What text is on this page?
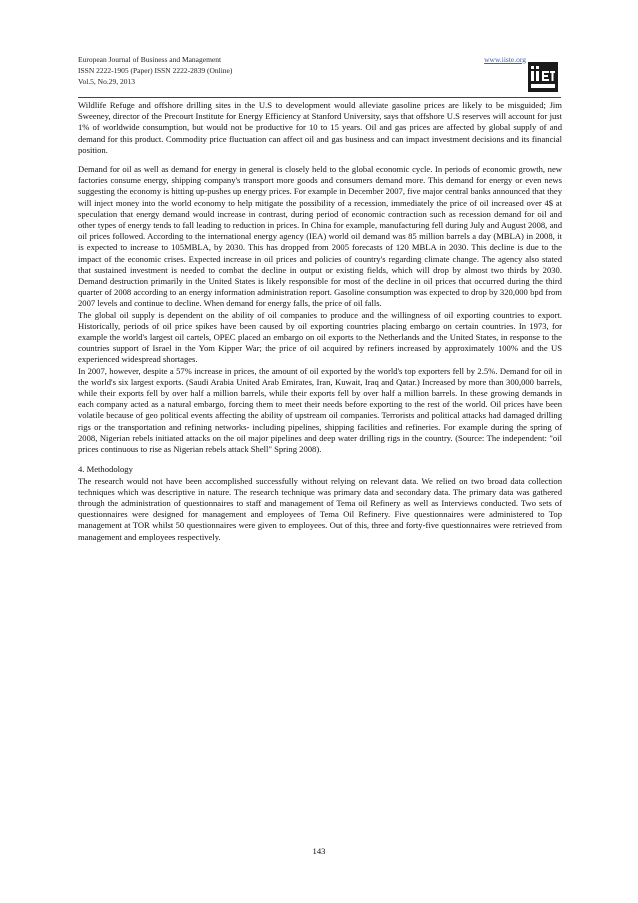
European Journal of Business and Management
ISSN 2222-1905 (Paper) ISSN 2222-2839 (Online)
Vol.5, No.29, 2013
www.iiste.org

Wildlife Refuge and offshore drilling sites in the U.S to development would alleviate gasoline prices are likely to be misguided; Jim Sweeney, director of the Precourt Institute for Energy Efficiency at Stanford University, says that offshore U.S reserves will account for just 1% of worldwide consumption, but would not be productive for 10 to 15 years. Oil and gas prices are affected by global supply of and demand for this product. Commodity price fluctuation can affect oil and gas business and can impact investment decisions and its financial position.

Demand for oil as well as demand for energy in general is closely held to the global economic cycle. In periods of economic growth, new factories consume energy, shipping company's transport more goods and consumers demand more. This demand for energy or even news suggesting the economy is hitting up-pushes up energy prices. For example in December 2007, five major central banks announced that they will inject money into the world economy to help mitigate the possibility of a recession, immediately the price of oil increased over 4$ at speculation that energy demand would increase in contrast, during period of economic contraction such as recession demand for oil and other types of energy tends to fall leading to reduction in prices. In China for example, manufacturing fell during July and August 2008, and oil prices followed. According to the international energy agency (IEA) world oil demand was 85 million barrels a day (MBLA) in 2008, it is expected to increase to 105MBLA, by 2030. This has dropped from 2005 forecasts of 120 MBLA in 2030. This decline is due to the impact of the economic crises. Expected increase in oil prices and policies of country's regarding climate change. The agency also stated that sustained investment is needed to combat the decline in output or existing fields, which will drop by almost two thirds by 2030. Demand destruction primarily in the United States is likely responsible for most of the decline in oil prices that occurred during the third quarter of 2008 according to an energy information administration report. Gasoline consumption was expected to drop by 320,000 bpd from 2007 levels and continue to decline. When demand for energy falls, the price of oil falls.

The global oil supply is dependent on the ability of oil companies to produce and the willingness of oil exporting countries to export. Historically, periods of oil price spikes have been caused by oil exporting countries placing embargo on certain countries. In 1973, for example the world's largest oil cartels, OPEC placed an embargo on oil exports to the Netherlands and the United States, in response to the countries support of Israel in the Yom Kipper War; the price of oil acquired by refiners increased by approximately 100% and the US experienced widespread shortages.

In 2007, however, despite a 57% increase in prices, the amount of oil exported by the world's top exporters fell by 2.5%. Demand for oil in the world's six largest exports. (Saudi Arabia United Arab Emirates, Iran, Kuwait, Iraq and Qatar.) Increased by more than 300,000 barrels, while their exports fell by over half a million barrels, while their exports fell by over half a million barrels. In these growing demands in each company acted as a natural embargo, forcing them to meet their needs before exporting to the rest of the world. Oil prices have been volatile because of geo political events affecting the ability of upstream oil companies. Terrorists and political attacks had damaged drilling rigs or the transportation and refining networks- including pipelines, shipping facilities and refineries. For example during the spring of 2008, Nigerian rebels initiated attacks on the oil major pipelines and deep water drilling rigs in the country. (Source: The independent: "oil prices continuous to rise as Nigerian rebels attack Shell" Spring 2008).

4. Methodology

The research would not have been accomplished successfully without relying on relevant data. We relied on two broad data collection techniques which was descriptive in nature. The research technique was primary data and secondary data. The primary data was gathered through the administration of questionnaires to staff and management of Tema oil Refinery as well as Interviews conducted. Two sets of questionnaires were designed for management and employees of Tema Oil Refinery. Five questionnaires were administered to Top management at TOR whilst 50 questionnaires were given to employees. Out of this, three and forty-five questionnaires were retrieved from management and employees respectively.

143
